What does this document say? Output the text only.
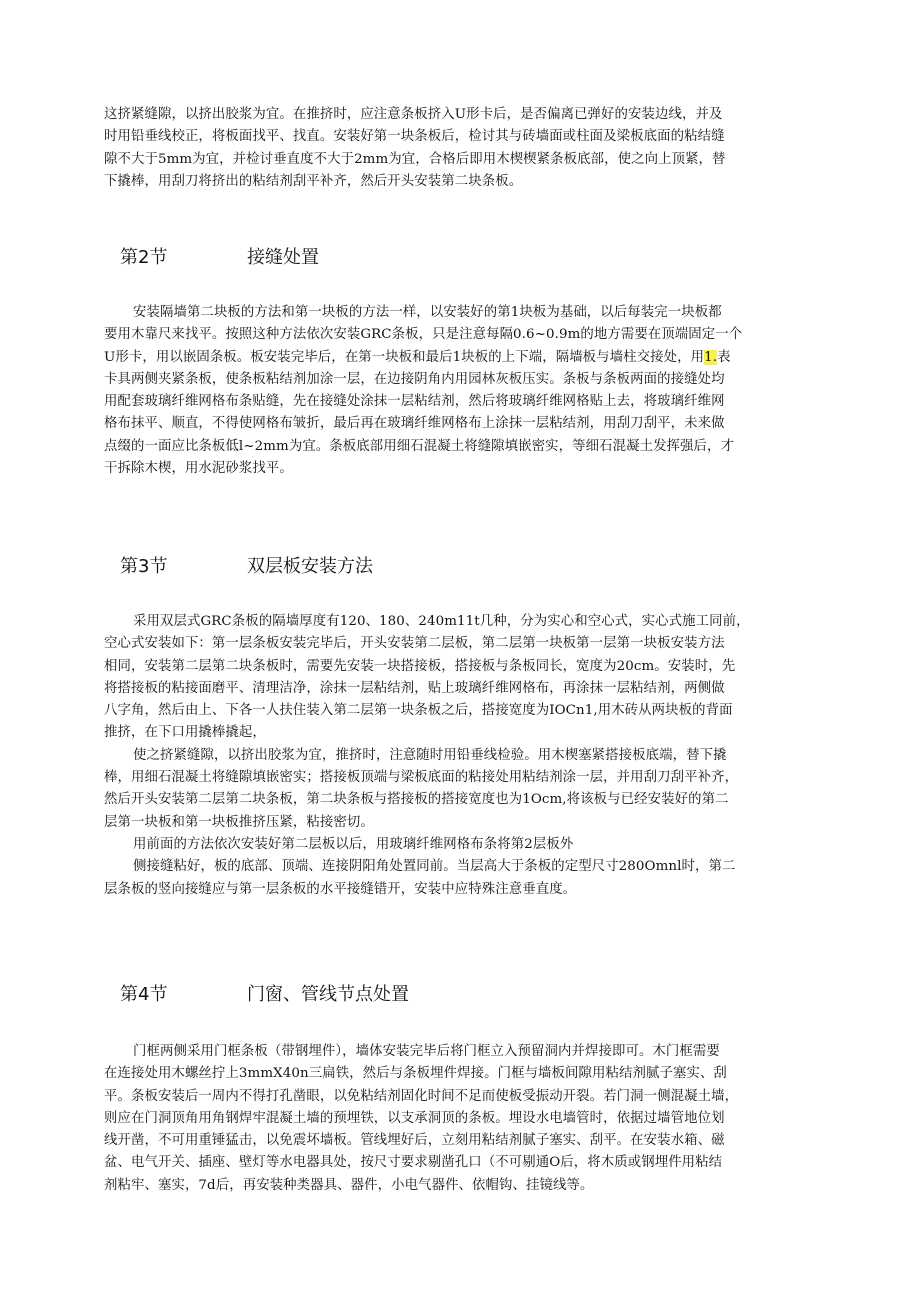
这挤紧缝隙，以挤出胶浆为宜。在推挤时，应注意条板挤入U形卡后，是否偏离已弹好的安装边线，并及
时用铅垂线校正，将板面找平、找直。安装好第一块条板后，检讨其与砖墙面或柱面及梁板底面的粘结缝
隙不大于5mm为宜，并检讨垂直度不大于2mm为宜，合格后即用木楔楔紧条板底部，使之向上顶紧，替
下撬棒，用刮刀将挤出的粘结剂刮平补齐，然后开头安装第二块条板。

第2节	接缝处置

安装隔墙第二块板的方法和第一块板的方法一样，以安装好的第1块板为基础，以后每装完一块板都
要用木靠尺来找平。按照这种方法依次安装GRC条板，只是注意每隔0.6~0.9m的地方需要在顶端固定一个
U形卡，用以嵌固条板。板安装完毕后，在第一块板和最后1块板的上下端，隔墙板与墙柱交接处，用1.表
卡具两侧夹紧条板，使条板粘结剂加涂一层，在边接阴角内用园林灰板压实。条板与条板两面的接缝处均
用配套玻璃纤维网格布条贴缝，先在接缝处涂抹一层粘结剂，然后将玻璃纤维网格贴上去，将玻璃纤维网
格布抹平、顺直，不得使网格布皱折，最后再在玻璃纤维网格布上涂抹一层粘结剂，用刮刀刮平，未来做
点缀的一面应比条板低l~2mm为宜。条板底部用细石混凝土将缝隙填嵌密实，等细石混凝土发挥强后，才
干拆除木楔，用水泥砂浆找平。

第3节	双层板安装方法

采用双层式GRC条板的隔墙厚度有120、180、240m11t几种，分为实心和空心式，实心式施工同前，
空心式安装如下：第一层条板安装完毕后，开头安装第二层板，第二层第一块板第一层第一块板安装方法
相同，安装第二层第二块条板时，需要先安装一块搭接板，搭接板与条板同长，宽度为20cm。安装时，先
将搭接板的粘接面磨平、清理洁净，涂抹一层粘结剂，贴上玻璃纤维网格布，再涂抹一层粘结剂，两侧做
八字角，然后由上、下各一人扶住装入第二层第一块条板之后，搭接宽度为IOCn1,用木砖从两块板的背面
推挤，在下口用撬棒撬起，
使之挤紧缝隙，以挤出胶浆为宜，推挤时，注意随时用铅垂线检验。用木楔塞紧搭接板底端，替下撬
棒，用细石混凝土将缝隙填嵌密实；搭接板顶端与梁板底面的粘接处用粘结剂涂一层，并用刮刀刮平补齐，
然后开头安装第二层第二块条板，第二块条板与搭接板的搭接宽度也为1Ocm,将该板与已经安装好的第二
层第一块板和第一块板推挤压紧，粘接密切。
用前面的方法依次安装好第二层板以后，用玻璃纤维网格布条将第2层板外
侧接缝粘好，板的底部、顶端、连接阴阳角处置同前。当层高大于条板的定型尺寸280Omnl时，第二
层条板的竖向接缝应与第一层条板的水平接缝错开，安装中应特殊注意垂直度。

第4节	门窗、管线节点处置

门框两侧采用门框条板（带钢埋件），墙体安装完毕后将门框立入预留洞内并焊接即可。木门框需要
在连接处用木螺丝拧上3mmX40n三扁铁，然后与条板埋件焊接。门框与墙板间隙用粘结剂腻子塞实、刮
平。条板安装后一周内不得打孔凿眼，以免粘结剂固化时间不足而使板受振动开裂。若门洞一侧混凝土墙，
则应在门洞顶角用角钢焊牢混凝土墙的预埋铁，以支承洞顶的条板。埋设水电墙管时，依据过墙管地位划
线开凿，不可用重锤猛击，以免震坏墙板。管线埋好后，立刻用粘结剂腻子塞实、刮平。在安装水箱、磁
盆、电气开关、插座、壁灯等水电器具处，按尺寸要求剔凿孔口（不可剔通O后，将木质或钢埋件用粘结
剂粘牢、塞实，7d后，再安装种类器具、器件，小电气器件、依帽钩、挂镜线等。
